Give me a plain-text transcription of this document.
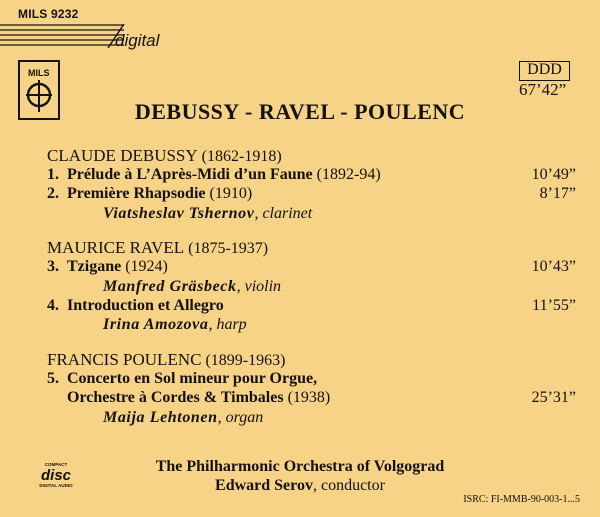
MILS 9232
digital
MILS	DDD
67’42”
DEBUSSY - RAVEL - POULENC
CLAUDE DEBUSSY (1862-1918)
1. Prélude à L’Après-Midi d’un Faune (1892-94)	10’49”
2. Première Rhapsodie (1910)	8’17”
Viatsheslav Tshernov, clarinet
MAURICE RAVEL (1875-1937)
3. Tzigane (1924)	10’43”
Manfred Gräsbeck, violin
4. Introduction et Allegro	11’55”
Irina Amozova, harp
FRANCIS POULENC (1899-1963)
5. Concerto en Sol mineur pour Orgue,
Orchestre à Cordes & Timbales (1938)	25’31”
Maija Lehtonen, organ
COMPACT
disc
DIGITAL AUDIO
The Philharmonic Orchestra of Volgograd
Edward Serov, conductor
ISRC: FI-MMB-90-003-1...5
